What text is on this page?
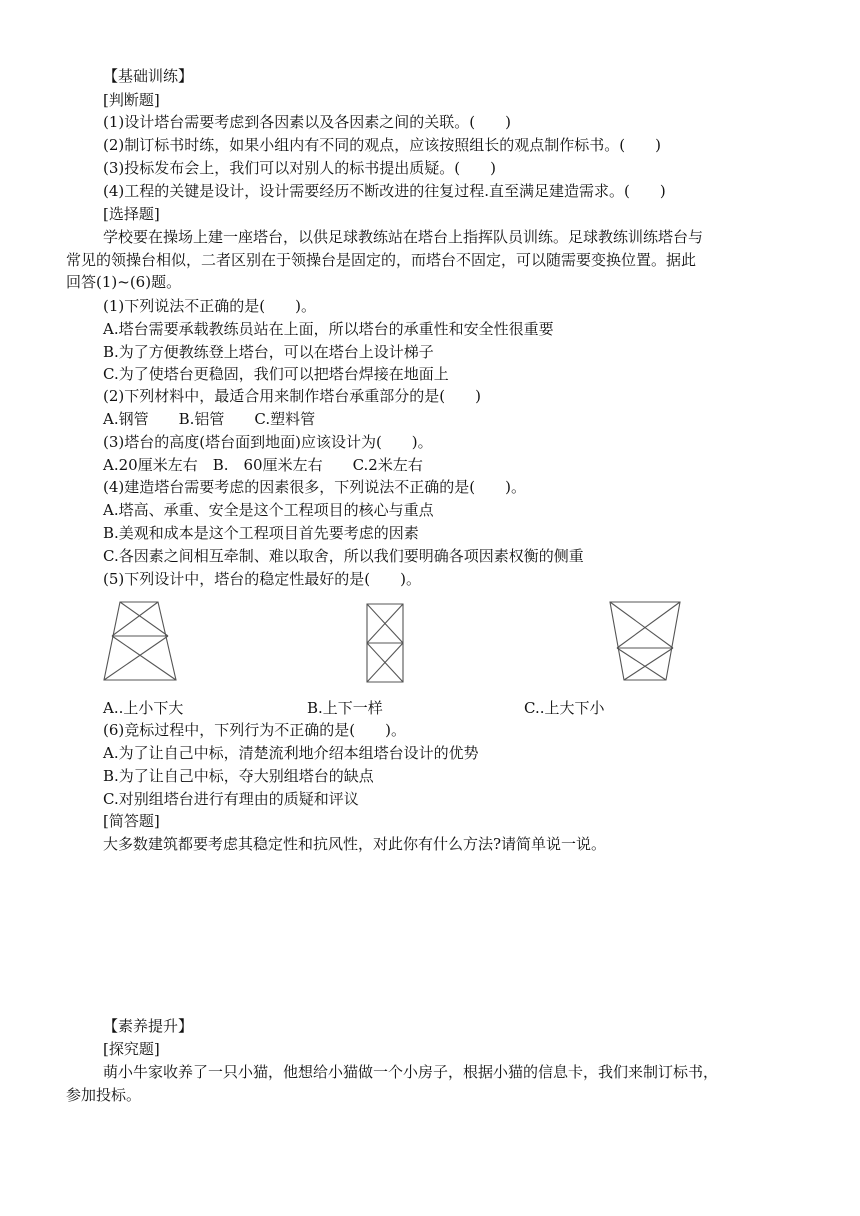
【基础训练】
[判断题]
(1)设计塔台需要考虑到各因素以及各因素之间的关联。(　　)
(2)制订标书时练，如果小组内有不同的观点，应该按照组长的观点制作标书。(　　)
(3)投标发布会上，我们可以对别人的标书提出质疑。(　　)
(4)工程的关键是设计，设计需要经历不断改进的往复过程.直至满足建造需求。(　　)
[选择题]
学校要在操场上建一座塔台，以供足球教练站在塔台上指挥队员训练。足球教练训练塔台与
常见的领操台相似，二者区别在于领操台是固定的，而塔台不固定，可以随需要变换位置。据此
回答(1)~(6)题。
(1)下列说法不正确的是(　　)。
A.塔台需要承载教练员站在上面，所以塔台的承重性和安全性很重要
B.为了方便教练登上塔台，可以在塔台上设计梯子
C.为了使塔台更稳固，我们可以把塔台焊接在地面上
(2)下列材料中，最适合用来制作塔台承重部分的是(　　)
A.钢管　　B.铝管　　C.塑料管
(3)塔台的高度(塔台面到地面)应该设计为(　　)。
A.20厘米左右　B.　60厘米左右　　C.2米左右
(4)建造塔台需要考虑的因素很多，下列说法不正确的是(　　)。
A.塔高、承重、安全是这个工程项目的核心与重点
B.美观和成本是这个工程项目首先要考虑的因素
C.各因素之间相互牵制、难以取舍，所以我们要明确各项因素权衡的侧重
(5)下列设计中，塔台的稳定性最好的是(　　)。
A..上小下大	B.上下一样	C..上大下小
(6)竞标过程中，下列行为不正确的是(　　)。
A.为了让自己中标，清楚流利地介绍本组塔台设计的优势
B.为了让自己中标，夺大别组塔台的缺点
C.对别组塔台进行有理由的质疑和评议
[简答题]
大多数建筑都要考虑其稳定性和抗风性，对此你有什么方法?请简单说一说。
【素养提升】
[探究题]
萌小牛家收养了一只小猫，他想给小猫做一个小房子，根据小猫的信息卡，我们来制订标书，
参加投标。
